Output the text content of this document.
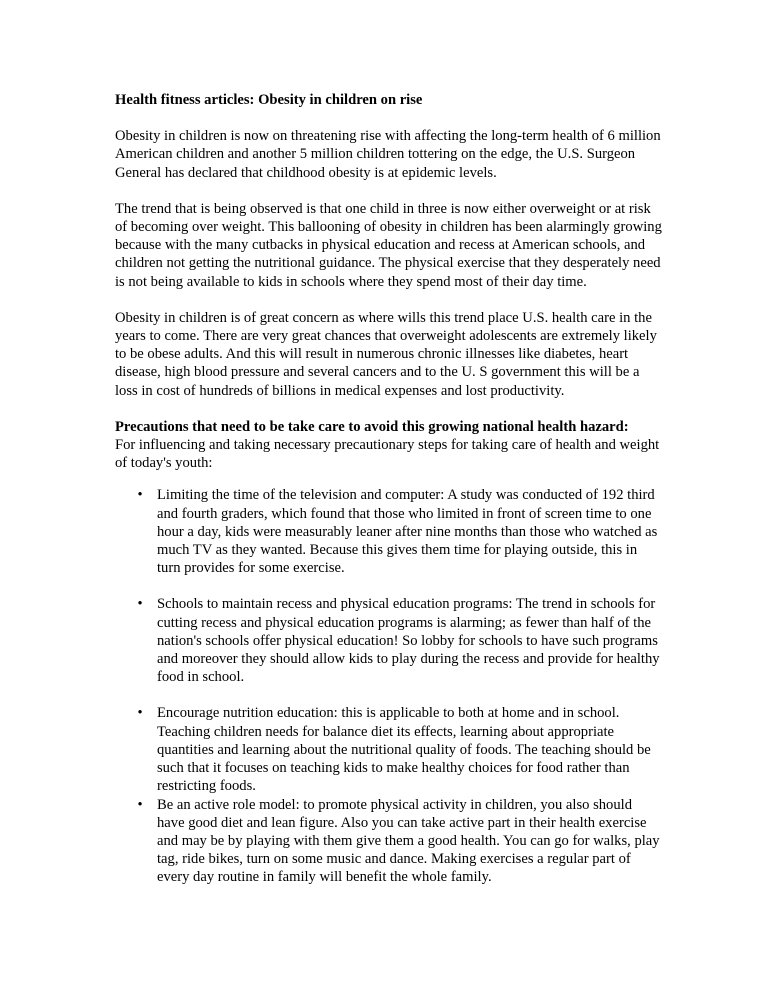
Health fitness articles: Obesity in children on rise

Obesity in children is now on threatening rise with affecting the long-term health of 6 million American children and another 5 million children tottering on the edge, the U.S. Surgeon General has declared that childhood obesity is at epidemic levels.

The trend that is being observed is that one child in three is now either overweight or at risk of becoming over weight. This ballooning of obesity in children has been alarmingly growing because with the many cutbacks in physical education and recess at American schools, and children not getting the nutritional guidance. The physical exercise that they desperately need is not being available to kids in schools where they spend most of their day time.

Obesity in children is of great concern as where wills this trend place U.S. health care in the years to come. There are very great chances that overweight adolescents are extremely likely to be obese adults. And this will result in numerous chronic illnesses like diabetes, heart disease, high blood pressure and several cancers and to the U. S government this will be a loss in cost of hundreds of billions in medical expenses and lost productivity.

Precautions that need to be take care to avoid this growing national health hazard:
For influencing and taking necessary precautionary steps for taking care of health and weight of today's youth:
• Limiting the time of the television and computer: A study was conducted of 192 third and fourth graders, which found that those who limited in front of screen time to one hour a day, kids were measurably leaner after nine months than those who watched as much TV as they wanted. Because this gives them time for playing outside, this in turn provides for some exercise.
• Schools to maintain recess and physical education programs: The trend in schools for cutting recess and physical education programs is alarming; as fewer than half of the nation's schools offer physical education! So lobby for schools to have such programs and moreover they should allow kids to play during the recess and provide for healthy food in school.
• Encourage nutrition education: this is applicable to both at home and in school. Teaching children needs for balance diet its effects, learning about appropriate quantities and learning about the nutritional quality of foods. The teaching should be such that it focuses on teaching kids to make healthy choices for food rather than restricting foods.
• Be an active role model: to promote physical activity in children, you also should have good diet and lean figure. Also you can take active part in their health exercise and may be by playing with them give them a good health. You can go for walks, play tag, ride bikes, turn on some music and dance. Making exercises a regular part of every day routine in family will benefit the whole family.
